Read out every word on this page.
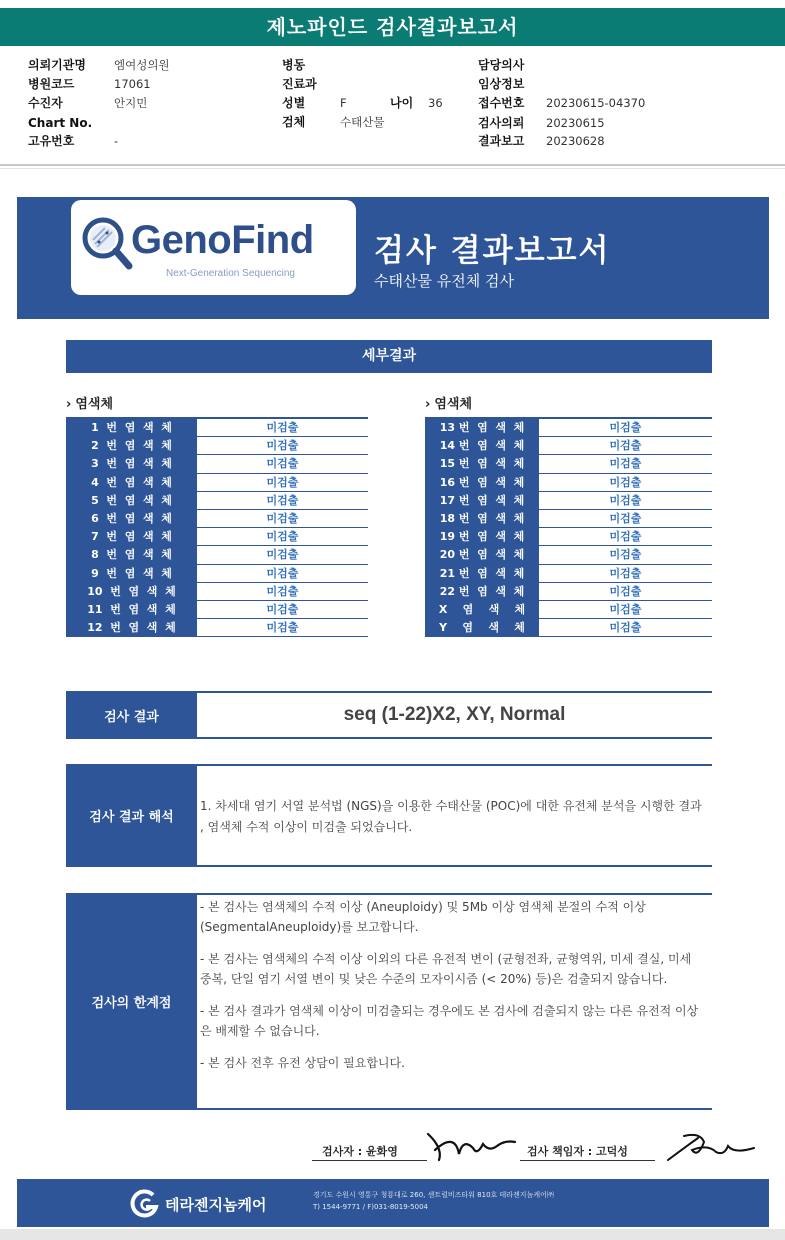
제노파인드 검사결과보고서
의뢰기관명 엠여성의원
병원코드	17061
수진자	안지민
Chart No.
고유번호	-
병동
진료과
성별	F	나이 36
검체	수태산물
담당의사
임상정보
접수번호 20230615-04370
검사의뢰 20230615
결과보고 20230628
GenoFind
Next-Generation Sequencing
검사 결과보고서
수태산물 유전체 검사
세부결과
› 염색체	› 염색체
1  번  염  색  체	미검출
2  번  염  색  체	미검출
3  번  염  색  체	미검출
4  번  염  색  체	미검출
5  번  염  색  체	미검출
6  번  염  색  체	미검출
7  번  염  색  체	미검출
8  번  염  색  체	미검출
9  번  염  색  체	미검출
10  번  염  색  체	미검출
11  번  염  색  체	미검출
12  번  염  색  체	미검출
13 번  염  색  체	미검출
14 번  염  색  체	미검출
15 번  염  색  체	미검출
16 번  염  색  체	미검출
17 번  염  색  체	미검출
18 번  염  색  체	미검출
19 번  염  색  체	미검출
20 번  염  색  체	미검출
21 번  염  색  체	미검출
22 번  염  색  체	미검출
X    염    색    체	미검출
Y    염    색    체	미검출
검사 결과	seq (1-22)X2, XY, Normal
검사 결과 해석
1. 차세대 염기 서열 분석법 (NGS)을 이용한 수태산물 (POC)에 대한 유전체 분석을 시행한 결과 , 염색체 수적 이상이 미검출 되었습니다.
검사의 한계점

- 본 검사는 염색체의 수적 이상 (Aneuploidy) 및 5Mb 이상 염색체 분절의 수적 이상 (SegmentalAneuploidy)를 보고합니다.

- 본 검사는 염색체의 수적 이상 이외의 다른 유전적 변이 (균형전좌, 균형역위, 미세 결실, 미세 중복, 단일 염기 서열 변이 및 낮은 수준의 모자이시즘 (< 20%) 등)은 검출되지 않습니다.

- 본 검사 결과가 염색체 이상이 미검출되는 경우에도 본 검사에 검출되지 않는 다른 유전적 이상은 배제할 수 없습니다.

- 본 검사 전후 유전 상담이 필요합니다.

검사자 : 윤화영	검사 책임자 : 고덕성
테라젠지놈케어
경기도 수원시 영통구 청룡대로 260, 센트럴비즈타워 810호 테라젠지놈케어㈜
T) 1544-9771 / F)031-8019-5004
